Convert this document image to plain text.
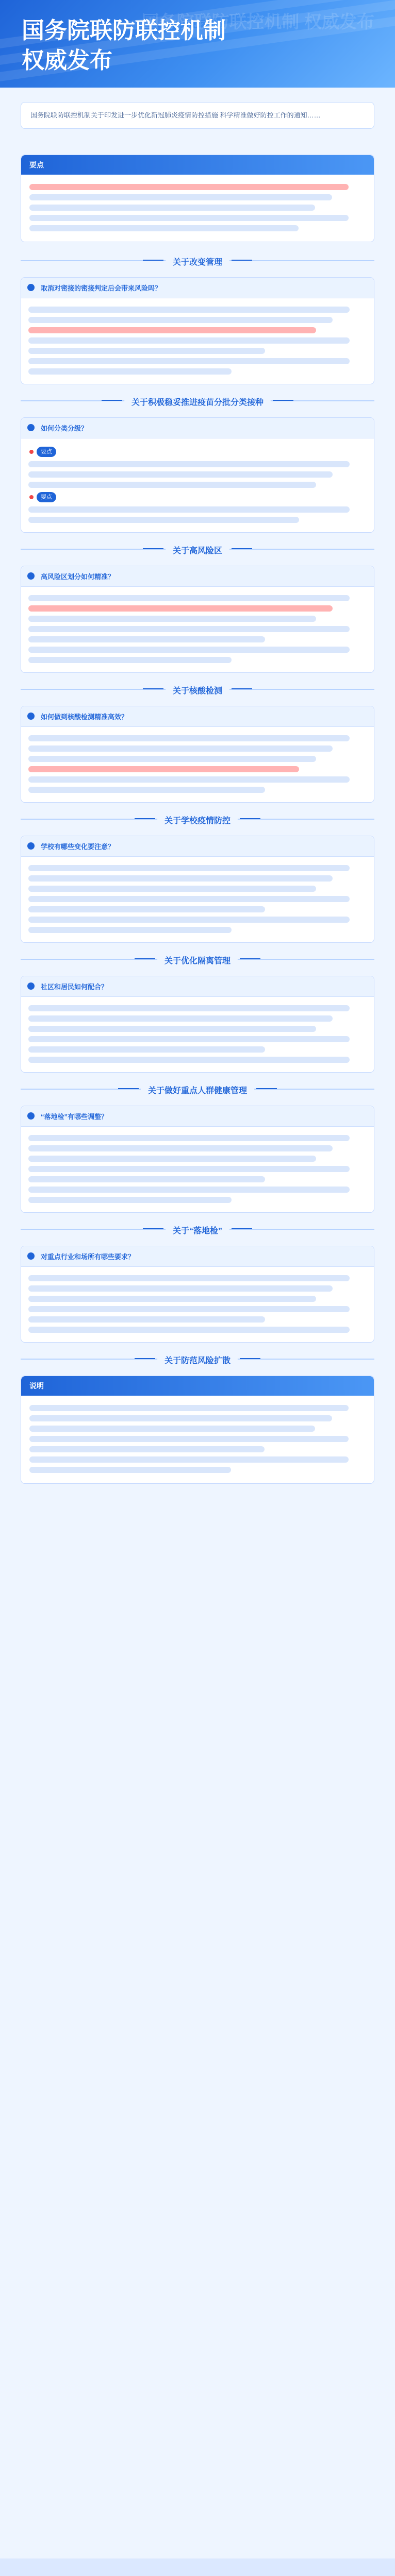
国务院联防联控机制
权威发布
国务院联防联控机制 权威发布
国务院联防联控机制关于印发进一步优化新冠肺炎疫情防控措施 科学精准做好防控工作的通知……
要点
关于改变管理
取消对密接的密接判定后会带来风险吗？
关于积极稳妥推进疫苗分批分类接种
如何分类分级？
要点
要点
关于高风险区
高风险区划分如何精准？
关于核酸检测
如何做到核酸检测精准高效？
关于学校疫情防控
学校有哪些变化要注意？
关于优化隔离管理
社区和居民如何配合？
关于做好重点人群健康管理
“落地检”有哪些调整？
关于“落地检”
对重点行业和场所有哪些要求？
关于防范风险扩散
说明
